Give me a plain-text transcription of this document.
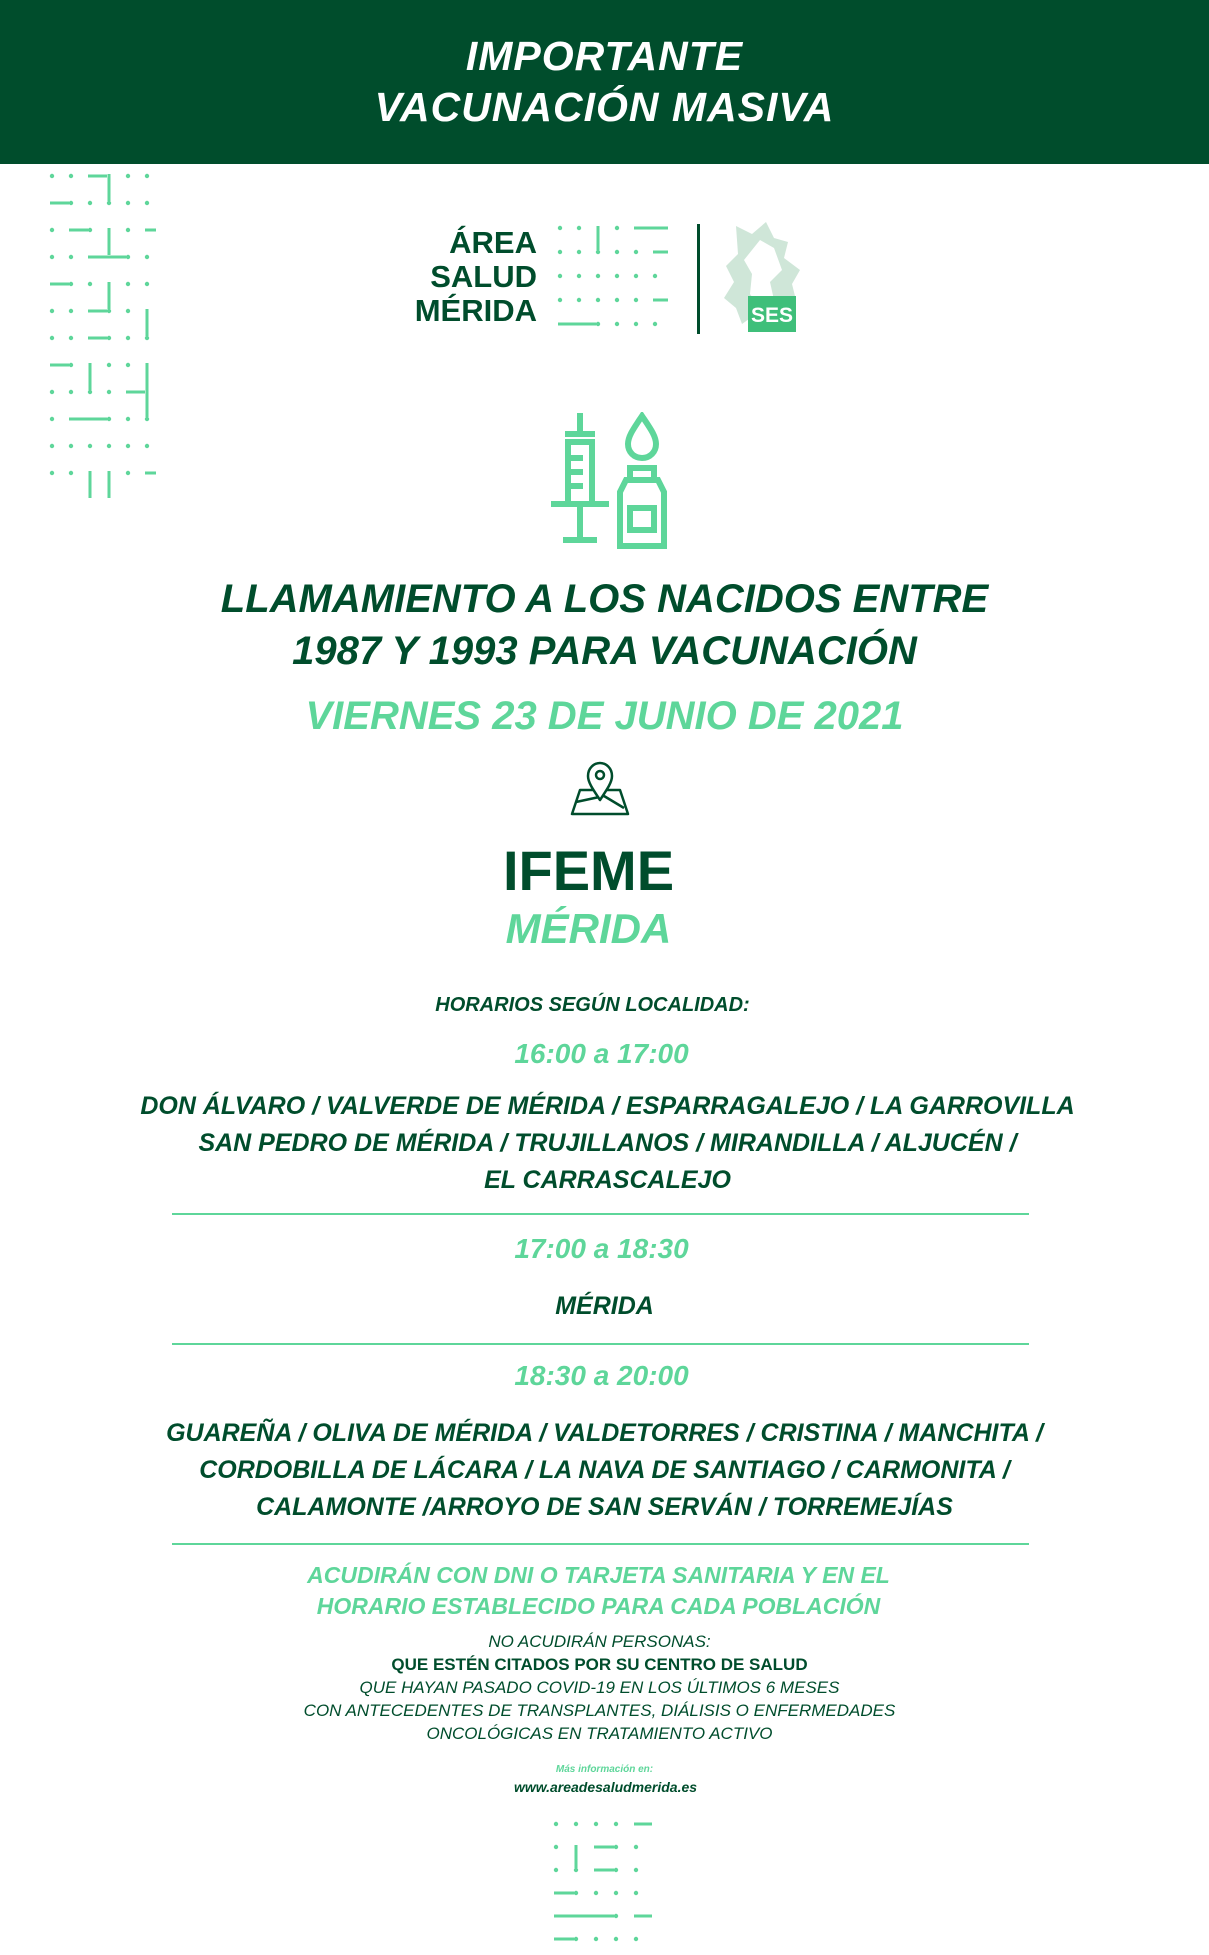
IMPORTANTE
VACUNACIÓN MASIVA
ÁREA
SALUD
MÉRIDA	SES
LLAMAMIENTO A LOS NACIDOS ENTRE
1987 Y 1993 PARA VACUNACIÓN
VIERNES 23 DE JUNIO DE 2021
IFEME
MÉRIDA
HORARIOS SEGÚN LOCALIDAD:
16:00 a 17:00
DON ÁLVARO / VALVERDE DE MÉRIDA / ESPARRAGALEJO / LA GARROVILLA
SAN PEDRO DE MÉRIDA / TRUJILLANOS / MIRANDILLA / ALJUCÉN /
EL CARRASCALEJO
17:00 a 18:30
MÉRIDA
18:30 a 20:00
GUAREÑA / OLIVA DE MÉRIDA / VALDETORRES / CRISTINA / MANCHITA /
CORDOBILLA DE LÁCARA / LA NAVA DE SANTIAGO / CARMONITA /
CALAMONTE /ARROYO DE SAN SERVÁN / TORREMEJÍAS
ACUDIRÁN CON DNI O TARJETA SANITARIA Y EN EL
HORARIO ESTABLECIDO PARA CADA POBLACIÓN
NO ACUDIRÁN PERSONAS:
QUE ESTÉN CITADOS POR SU CENTRO DE SALUD
QUE HAYAN PASADO COVID-19 EN LOS ÚLTIMOS 6 MESES
CON ANTECEDENTES DE TRANSPLANTES, DIÁLISIS O ENFERMEDADES
ONCOLÓGICAS EN TRATAMIENTO ACTIVO
Más información en:
www.areadesaludmerida.es
